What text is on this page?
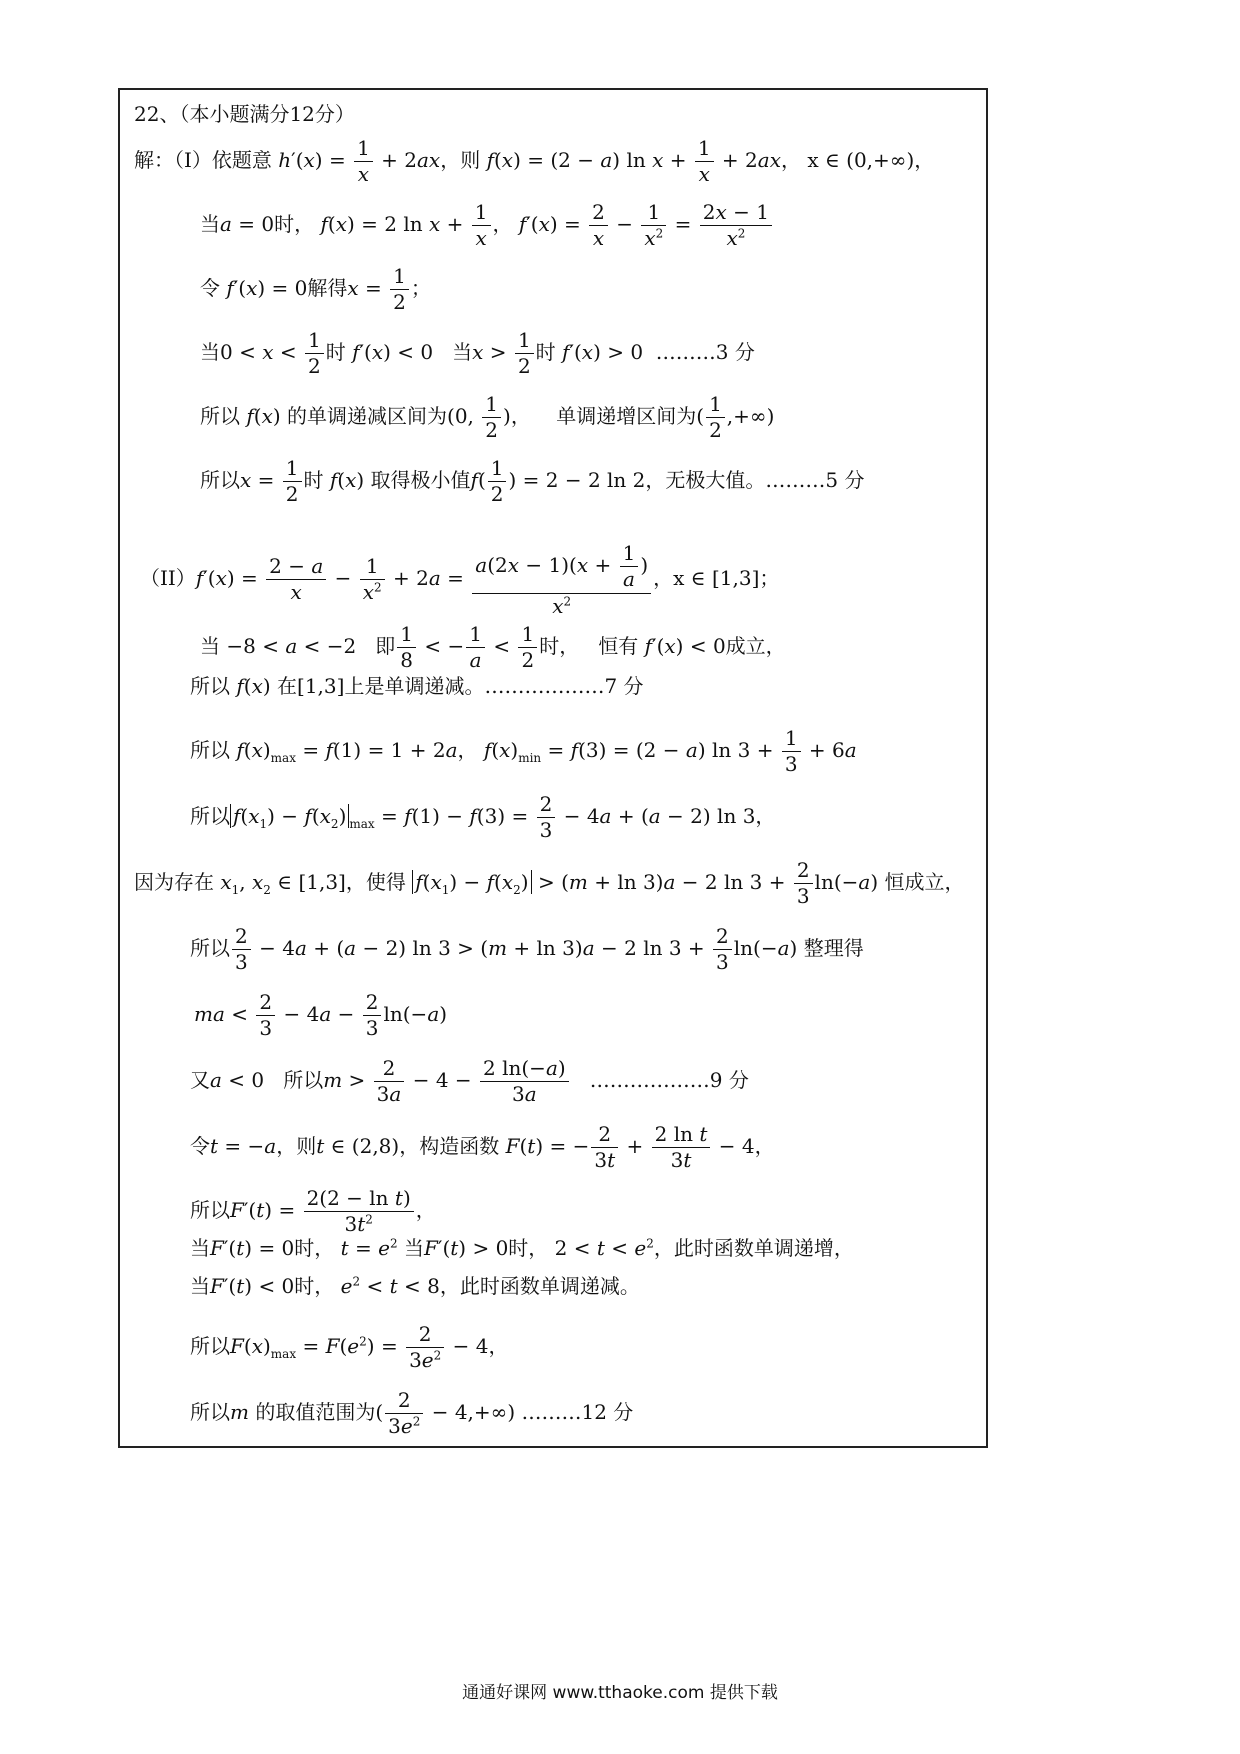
22、（本小题满分12分）
解：（I）依题意 $h'(x) = \frac{1}{x} + 2ax$，则 f(x) = (2 − a) $\ln x + \frac{1}{x} + 2ax$， x ∈ (0,+∞)，
当a = 0时， f(x) = 2 $\ln x + \frac{1}{x}$ ， $f'(x) = \frac{2}{x} - \frac{1}{x^2} = \frac{2x - 1}{x^2}$
令 f′(x) = 0解得$x = \frac{1}{2}$ ；
当$0 < x < \frac{1}{2}$ 时 f′(x) < 0   当$x > \frac{1}{2}$ 时 f′(x) > 0  ………3 分
所以 f(x) 的单调递减区间为(0, $\frac{1}{2}$ )，    单调递增区间为( $\frac{1}{2}$ ,+∞)
所以$x = \frac{1}{2}$ 时 f(x) 取得极小值$f( \frac{1}{2}$ ) = 2 − 2 ln 2，无极大值。………5 分
$(II)f'(x) = \frac{2 - a}{x} - \frac{1}{x^2} + 2a = \frac{a(2x - 1)(x + \frac{1}{a} )}{x^2}$ ，x ∈ [1,3]；
当 −8 < a < −2   即 $\frac{1}{8}$ < − $\frac{1}{a} < \frac{1}{2}$ 时， 恒有 f′(x) < 0成立，
所以 f(x) 在[1,3]上是单调递减。………………7 分
所以 $f(x)_{max} = f(1) = 1 + 2a$， $f(x)_{min} = f(3) = (2 - a)$ $\ln 3 + \frac{1}{3} + 6a$
所以 $f(x_1) - f(x_2) _{max} = f(1) - f(3) = \frac{2}{3} - 4a + (a - 2)$ ln 3，
因为存在 $x_1$, $x_2$ ∈ [1,3]，使得 $f(x_1) - f(x_2) > (m + \ln 3)a - 2$ $\ln 3 + \frac{2}{3} \ln(-a)$ 恒成立，
所以 $\frac{2}{3} - 4a + (a - 2)$ ln 3 > (m + ln 3)a − 2 $\ln 3 + \frac{2}{3} \ln(-a)$ 整理得
ma < $\frac{2}{3} - 4a - \frac{2}{3} \ln(-a)$
又a < 0   所以$m > \frac{2}{3a} - 4 - \frac{2 \ln(-a)}{3a}$ ………………9 分
令t = −a，则t ∈ (2,8)，构造函数 F(t) = − $\frac{2}{3t} + \frac{\text{2 ln t}}{3t} - 4$，
所以$F'(t) = \frac{\text{2(2 − ln t)}}{3t^2}$ ，
当F′(t) = 0时， $t = e^2$ 当F′(t) > 0时， $2 < t < e^2$，此时函数单调递增，
当F′(t) < 0时， $e^2 < t < 8$，此时函数单调递减。
所以$F(x)_{max} = F(e^2) = \frac{2}{3e^2} - 4$，
所以m 的取值范围为( $\frac{2}{3e^2} - 4,+\infty$) ………12 分
通通好课网 www.tthaoke.com 提供下载
